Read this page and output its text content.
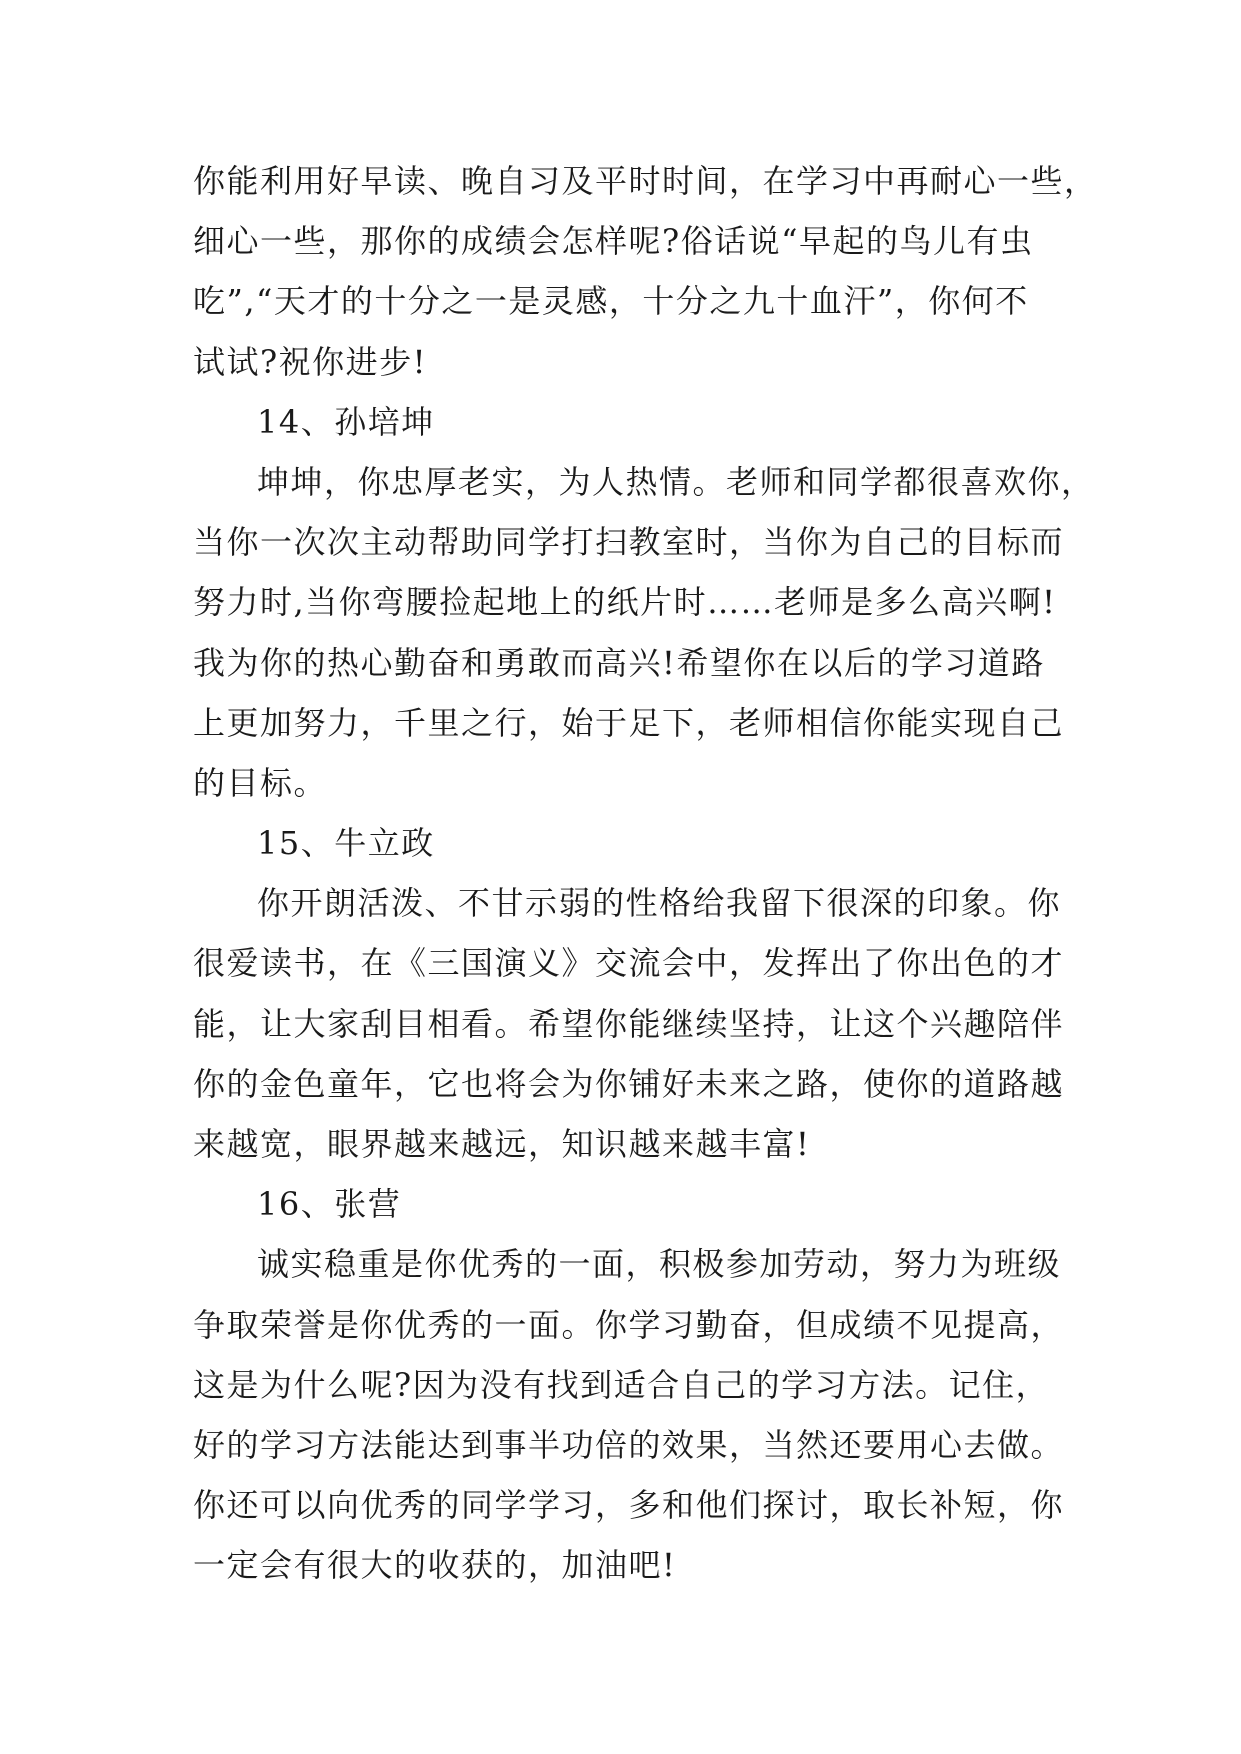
你能利用好早读、晚自习及平时时间，在学习中再耐心一些，
细心一些，那你的成绩会怎样呢?俗话说“早起的鸟儿有虫
吃”,“天才的十分之一是灵感，十分之九十血汗”，你何不
试试?祝你进步!
14、孙培坤
坤坤，你忠厚老实，为人热情。老师和同学都很喜欢你，
当你一次次主动帮助同学打扫教室时，当你为自己的目标而
努力时,当你弯腰捡起地上的纸片时……老师是多么高兴啊!
我为你的热心勤奋和勇敢而高兴!希望你在以后的学习道路
上更加努力，千里之行，始于足下，老师相信你能实现自己
的目标。
15、牛立政
你开朗活泼、不甘示弱的性格给我留下很深的印象。你
很爱读书，在《三国演义》交流会中，发挥出了你出色的才
能，让大家刮目相看。希望你能继续坚持，让这个兴趣陪伴
你的金色童年，它也将会为你铺好未来之路，使你的道路越
来越宽，眼界越来越远，知识越来越丰富!
16、张营
诚实稳重是你优秀的一面，积极参加劳动，努力为班级
争取荣誉是你优秀的一面。你学习勤奋，但成绩不见提高，
这是为什么呢?因为没有找到适合自己的学习方法。记住，
好的学习方法能达到事半功倍的效果，当然还要用心去做。
你还可以向优秀的同学学习，多和他们探讨，取长补短，你
一定会有很大的收获的，加油吧!
